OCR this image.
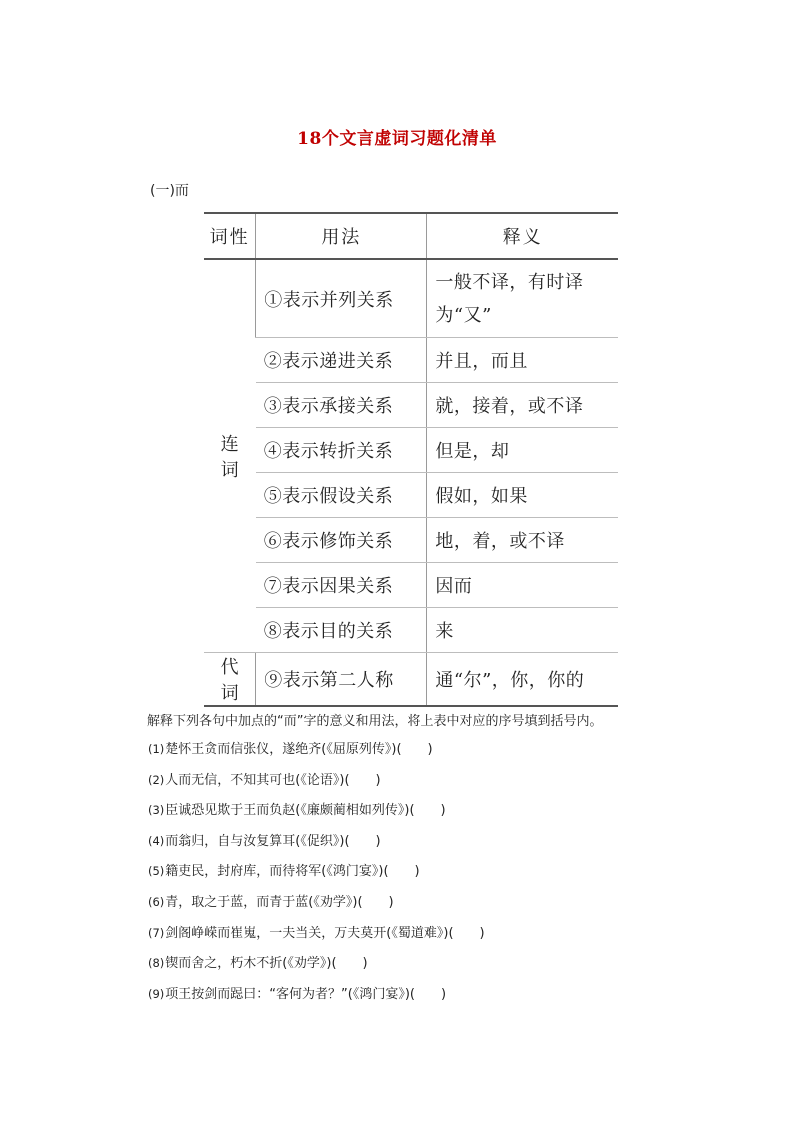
18个文言虚词习题化清单
(一)而
词性	用法	释义
连词	①表示并列关系	一般不译，有时译为“又”

	②表示递进关系	并且，而且
	③表示承接关系	就，接着，或不译
	④表示转折关系	但是，却
	⑤表示假设关系	假如，如果
	⑥表示修饰关系	地，着，或不译
	⑦表示因果关系	因而
	⑧表示目的关系	来
代词	⑨表示第二人称	通“尔”，你，你的
解释下列各句中加点的“而”字的意义和用法，将上表中对应的序号填到括号内。
(1)楚怀王贪而信张仪，遂绝齐(《屈原列传》)(　　)
(2)人而无信，不知其可也(《论语》)(　　)
(3)臣诚恐见欺于王而负赵(《廉颇蔺相如列传》)(　　)
(4)而翁归，自与汝复算耳(《促织》)(　　)
(5)籍吏民，封府库，而待将军(《鸿门宴》)(　　)
(6)青，取之于蓝，而青于蓝(《劝学》)(　　)
(7)剑阁峥嵘而崔嵬，一夫当关，万夫莫开(《蜀道难》)(　　)
(8)锲而舍之，朽木不折(《劝学》)(　　)
(9)项王按剑而跽曰：“客何为者？”(《鸿门宴》)(　　)
